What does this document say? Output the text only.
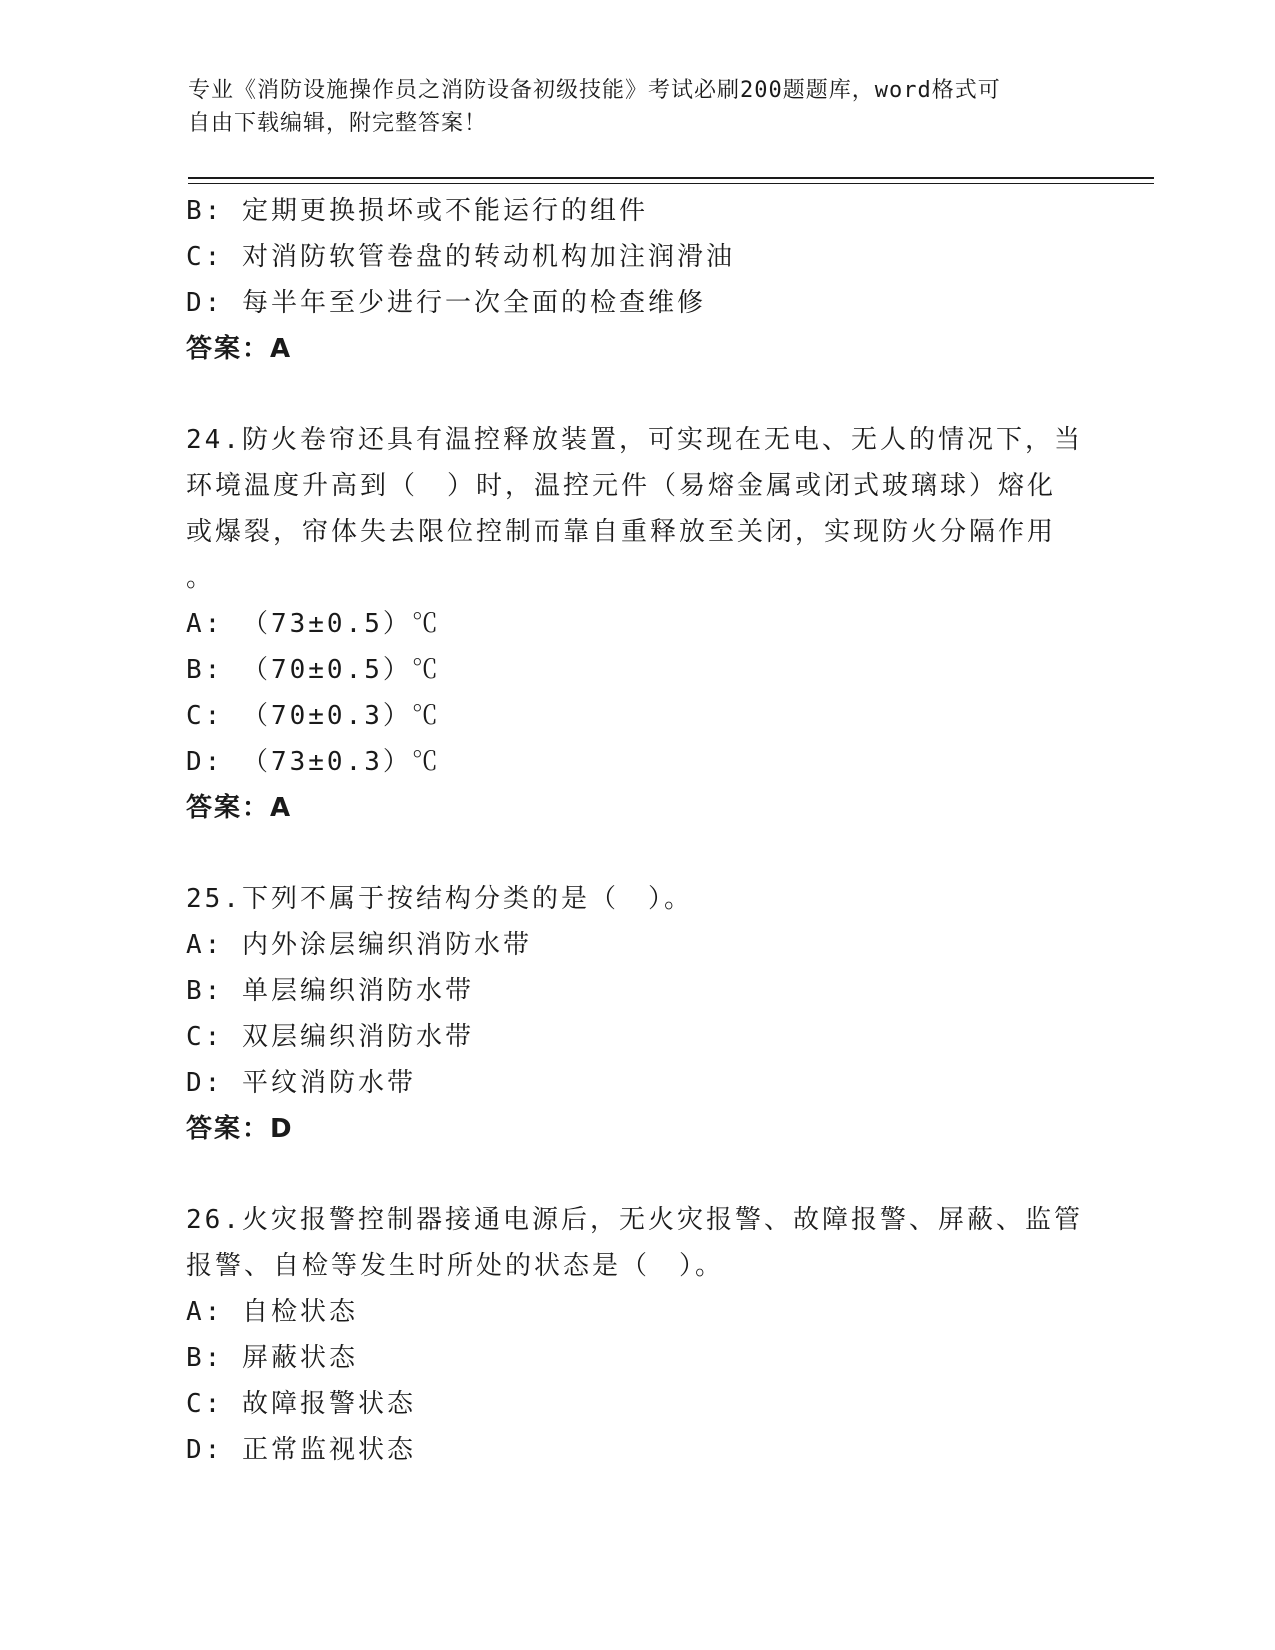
专业《消防设施操作员之消防设备初级技能》考试必刷200题题库，word格式可
自由下载编辑，附完整答案！
B: 定期更换损坏或不能运行的组件
C: 对消防软管卷盘的转动机构加注润滑油
D: 每半年至少进行一次全面的检查维修
答案：A
24.防火卷帘还具有温控释放装置，可实现在无电、无人的情况下，当
环境温度升高到（　）时，温控元件（易熔金属或闭式玻璃球）熔化
或爆裂，帘体失去限位控制而靠自重释放至关闭，实现防火分隔作用
。
A: （73±0.5）℃
B: （70±0.5）℃
C: （70±0.3）℃
D: （73±0.3）℃
答案：A
25.下列不属于按结构分类的是（　）。
A: 内外涂层编织消防水带
B: 单层编织消防水带
C: 双层编织消防水带
D: 平纹消防水带
答案：D
26.火灾报警控制器接通电源后，无火灾报警、故障报警、屏蔽、监管
报警、自检等发生时所处的状态是（　）。
A: 自检状态
B: 屏蔽状态
C: 故障报警状态
D: 正常监视状态
